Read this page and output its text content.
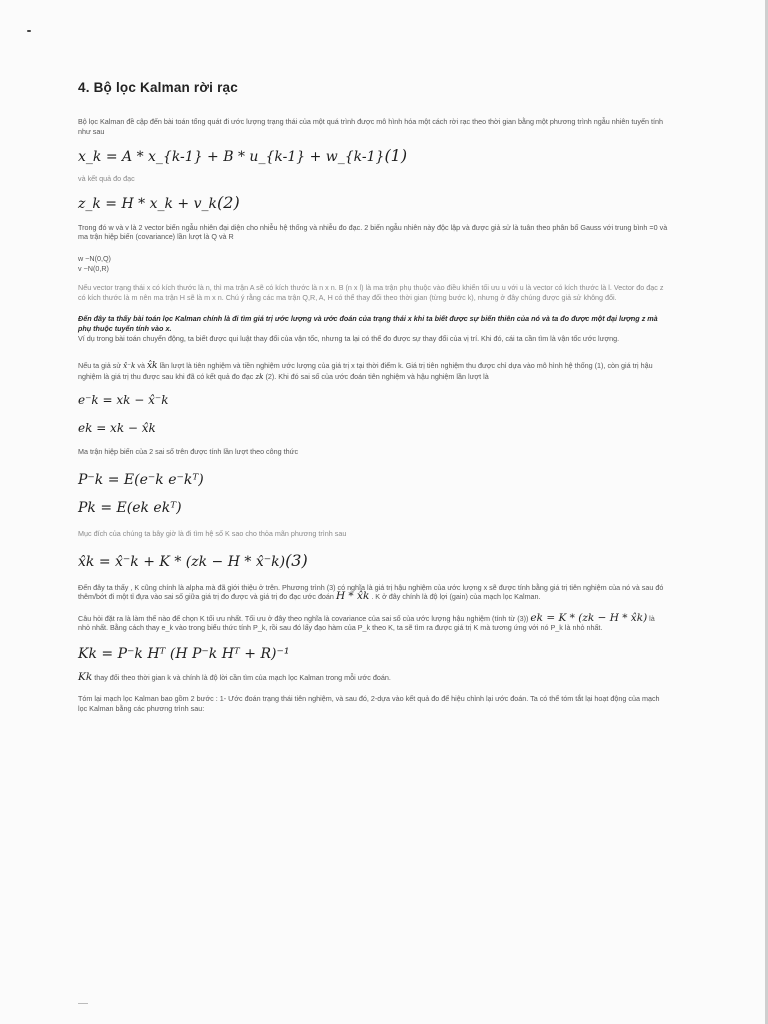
4. Bộ lọc Kalman rời rạc

Bộ lọc Kalman đề cập đến bài toán tổng quát đi ước lượng trạng thái của một quá trình được mô hình hóa một cách rời rạc theo thời gian bằng một phương trình ngẫu nhiên tuyến tính như sau

x_k = A * x_{k-1} + B * u_{k-1} + w_{k-1}(1)

và kết quả đo đạc

z_k = H * x_k + v_k(2)

Trong đó w và v là 2 vector biến ngẫu nhiên đại diện cho nhiễu hệ thống và nhiễu đo đạc. 2 biến ngẫu nhiên này độc lập và được giả sử là tuân theo phân bố Gauss với trung bình =0 và ma trận hiệp biến (covariance) lần lượt là Q và R

w ~N(0,Q)

v ~N(0,R)

Nếu vector trạng thái x có kích thước là n, thì ma trận A sẽ có kích thước là n x n. B (n x l) là ma trận phụ thuộc vào điều khiển tối ưu u với u là vector có kích thước là l. Vector đo đạc z có kích thước là m nên ma trận H sẽ là m x n. Chú ý rằng các ma trận Q,R, A, H có thể thay đổi theo thời gian (từng bước k), nhưng ở đây chúng được giả sử không đổi.

Đến đây ta thấy bài toán lọc Kalman chính là đi tìm giá trị ước lượng và ước đoán của trạng thái x khi ta biết được sự biến thiên của nó và ta đo được một đại lượng z mà phụ thuộc tuyến tính vào x.

Ví dụ trong bài toán chuyển động, ta biết được qui luật thay đổi của vận tốc, nhưng ta lại có thể đo được sự thay đổi của vị trí. Khi đó, cái ta cần tìm là vận tốc ước lượng.

Nếu ta giả sử x̂⁻k và x̂k lần lượt là tiên nghiệm và tiền nghiệm ước lượng của giá trị x tại thời điểm k. Giá trị tiên nghiệm thu được chỉ dựa vào mô hình hệ thống (1), còn giá trị hậu nghiệm là giá trị thu được sau khi đã có kết quả đo đạc zk (2). Khi đó sai số của ước đoán tiên nghiệm và hậu nghiệm lần lượt là

e⁻k = xk − x̂⁻k
ek = xk − x̂k

Ma trận hiệp biến của 2 sai số trên được tính lần lượt theo công thức

P⁻k = E(e⁻k e⁻kᵀ)
Pk = E(ek ekᵀ)

Mục đích của chúng ta bây giờ là đi tìm hệ số K sao cho thỏa mãn phương trình sau

x̂k = x̂⁻k + K * (zk − H * x̂⁻k)(3)

Đến đây ta thấy , K cũng chính là alpha mà đã giới thiệu ở trên. Phương trình (3) có nghĩa là giá trị hậu nghiệm của ước lượng x sẽ được tính bằng giá trị tiên nghiệm của nó và sau đó thêm/bớt đi một tỉ đựa vào sai số giữa giá trị đo được và giá trị đo đạc ước đoán H * x̂k . K ở đây chính là độ lợi (gain) của mạch lọc Kalman.

Câu hỏi đặt ra là làm thế nào để chọn K tối ưu nhất. Tối ưu ở đây theo nghĩa là covariance của sai số của ước lượng hậu nghiệm (tính từ (3)) ek = K * (zk − H * x̂k) là nhỏ nhất. Bằng cách thay e_k vào trong biểu thức tính P_k, rồi sau đó lấy đạo hàm của P_k theo K, ta sẽ tìm ra được giá trị K mà tương ứng với nó P_k là nhỏ nhất.

Kk = P⁻k Hᵀ (H P⁻k Hᵀ + R)⁻¹

Kk thay đổi theo thời gian k và chính là độ lời cần tìm của mạch lọc Kalman trong mỗi ước đoán.

Tóm lại mạch lọc Kalman bao gồm 2 bước : 1- Ước đoán trạng thái tiên nghiệm, và sau đó, 2-dựa vào kết quả đo để hiệu chỉnh lại ước đoán. Ta có thể tóm tắt lại hoạt động của mạch lọc Kalman bằng các phương trình sau:
